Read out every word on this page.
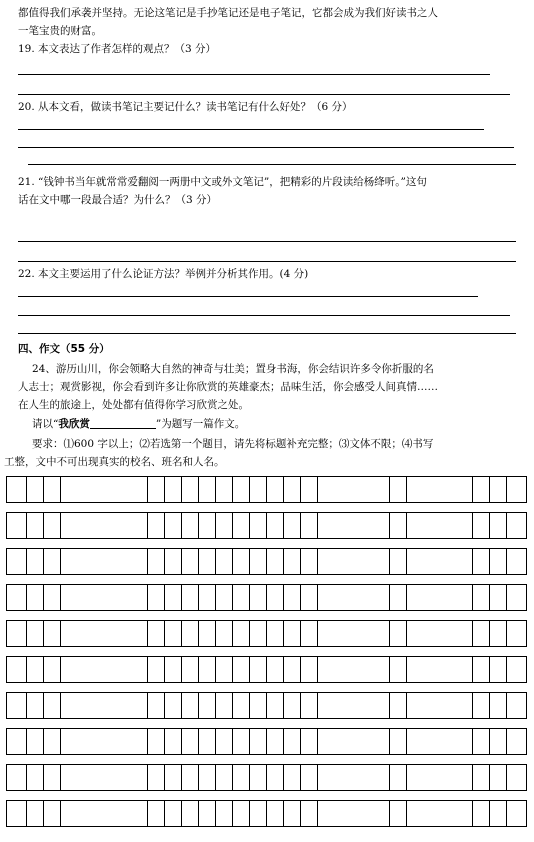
都值得我们承袭并坚持。无论这笔记是手抄笔记还是电子笔记，它都会成为我们好读书之人
一笔宝贵的财富。
19. 本文表达了作者怎样的观点？（3 分）
20. 从本文看，做读书笔记主要记什么？读书笔记有什么好处？（6 分）
21. “钱钟书当年就常常爱翻阅一两册中文或外文笔记”，把精彩的片段读给杨绛听。”这句
话在文中哪一段最合适？为什么？（3 分）
22. 本文主要运用了什么论证方法？举例并分析其作用。(4 分)
四、作文（55 分）
24、游历山川，你会领略大自然的神奇与壮美；置身书海，你会结识许多令你折服的名
人志士；观赏影视，你会看到许多让你欣赏的英雄豪杰；品味生活，你会感受人间真情……
在人生的旅途上，处处都有值得你学习欣赏之处。
请以“我欣赏	”为题写一篇作文。
要求：⑴600 字以上；⑵若选第一个题目，请先将标题补充完整；⑶文体不限；⑷书写
工整，文中不可出现真实的校名、班名和人名。
